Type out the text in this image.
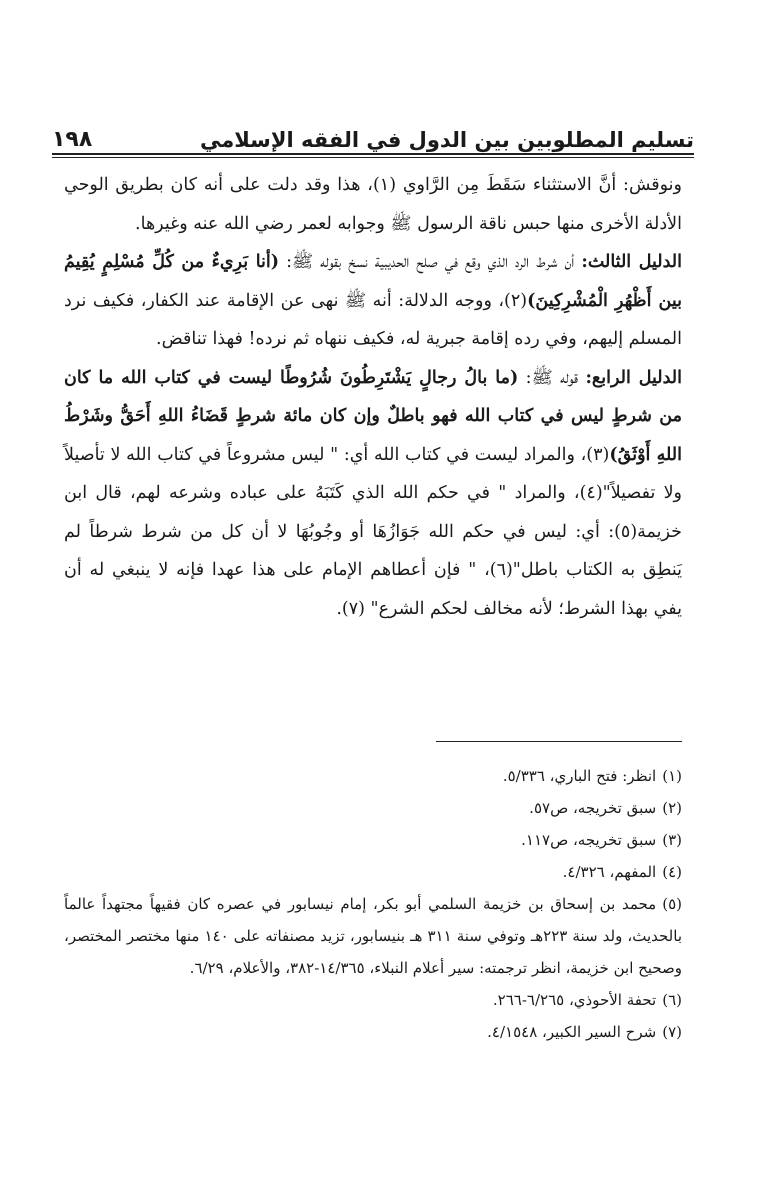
١٩٨	تسليم المطلوبين بين الدول في الفقه الإسلامي

ونوقش: أنَّ الاستثناء سَقَطَ مِن الرَّاوي (١)، هذا وقد دلت على أنه كان بطريق الوحي الأدلة الأخرى منها حبس ناقة الرسول ﷺ وجوابه لعمر رضي الله عنه وغيرها.

الدليل الثالث: أن شرط الرد الذي وقع في صلح الحديبية نسخ بقوله ﷺ: (أنا بَرِيءٌ من كُلِّ مُسْلِمٍ يُقِيمُ بين أَظْهُرِ الْمُشْرِكِينَ)(٢)، ووجه الدلالة: أنه ﷺ نهى عن الإقامة عند الكفار، فكيف نرد المسلم إليهم، وفي رده إقامة جبرية له، فكيف ننهاه ثم نرده! فهذا تناقض.

الدليل الرابع: قوله ﷺ: (ما بالُ رجالٍ يَشْتَرِطُونَ شُرُوطًا ليست في كتاب الله ما كان من شرطٍ ليس في كتاب الله فهو باطلٌ وإن كان مائة شرطٍ قَضَاءُ اللهِ أَحَقُّ وشَرْطُ اللهِ أَوْثَقُ)(٣)، والمراد ليست في كتاب الله أي: " ليس مشروعاً في كتاب الله لا تأصيلاً ولا تفصيلاً"(٤)، والمراد " في حكم الله الذي كَتَبَهُ على عباده وشرعه لهم، قال ابن خزيمة(٥): أي: ليس في حكم الله جَوَازُهَا أو وجُوبُهَا لا أن كل من شرط شرطاً لم يَنطِق به الكتاب باطل"(٦)، " فإن أعطاهم الإمام على هذا عهدا فإنه لا ينبغي له أن يفي بهذا الشرط؛ لأنه مخالف لحكم الشرع" (٧).

(١)انظر: فتح الباري، ٥/٣٣٦.

(٢)سبق تخريجه، ص٥٧.

(٣)سبق تخريجه، ص١١٧.

(٤)المفهم، ٤/٣٢٦.

(٥)محمد بن إسحاق بن خزيمة السلمي أبو بكر، إمام نيسابور في عصره كان فقيهاً مجتهداً عالماً بالحديث، ولد سنة ٢٢٣هـ وتوفي سنة ٣١١ هـ بنيسابور، تزيد مصنفاته على ١٤٠ منها مختصر المختصر، وصحيح ابن خزيمة، انظر ترجمته: سير أعلام النبلاء، ١٤/٣٦٥-٣٨٢، والأعلام، ٦/٢٩.

(٦)تحفة الأحوذي، ٦/٢٦٥-٢٦٦.

(٧)شرح السير الكبير، ٤/١٥٤٨.
